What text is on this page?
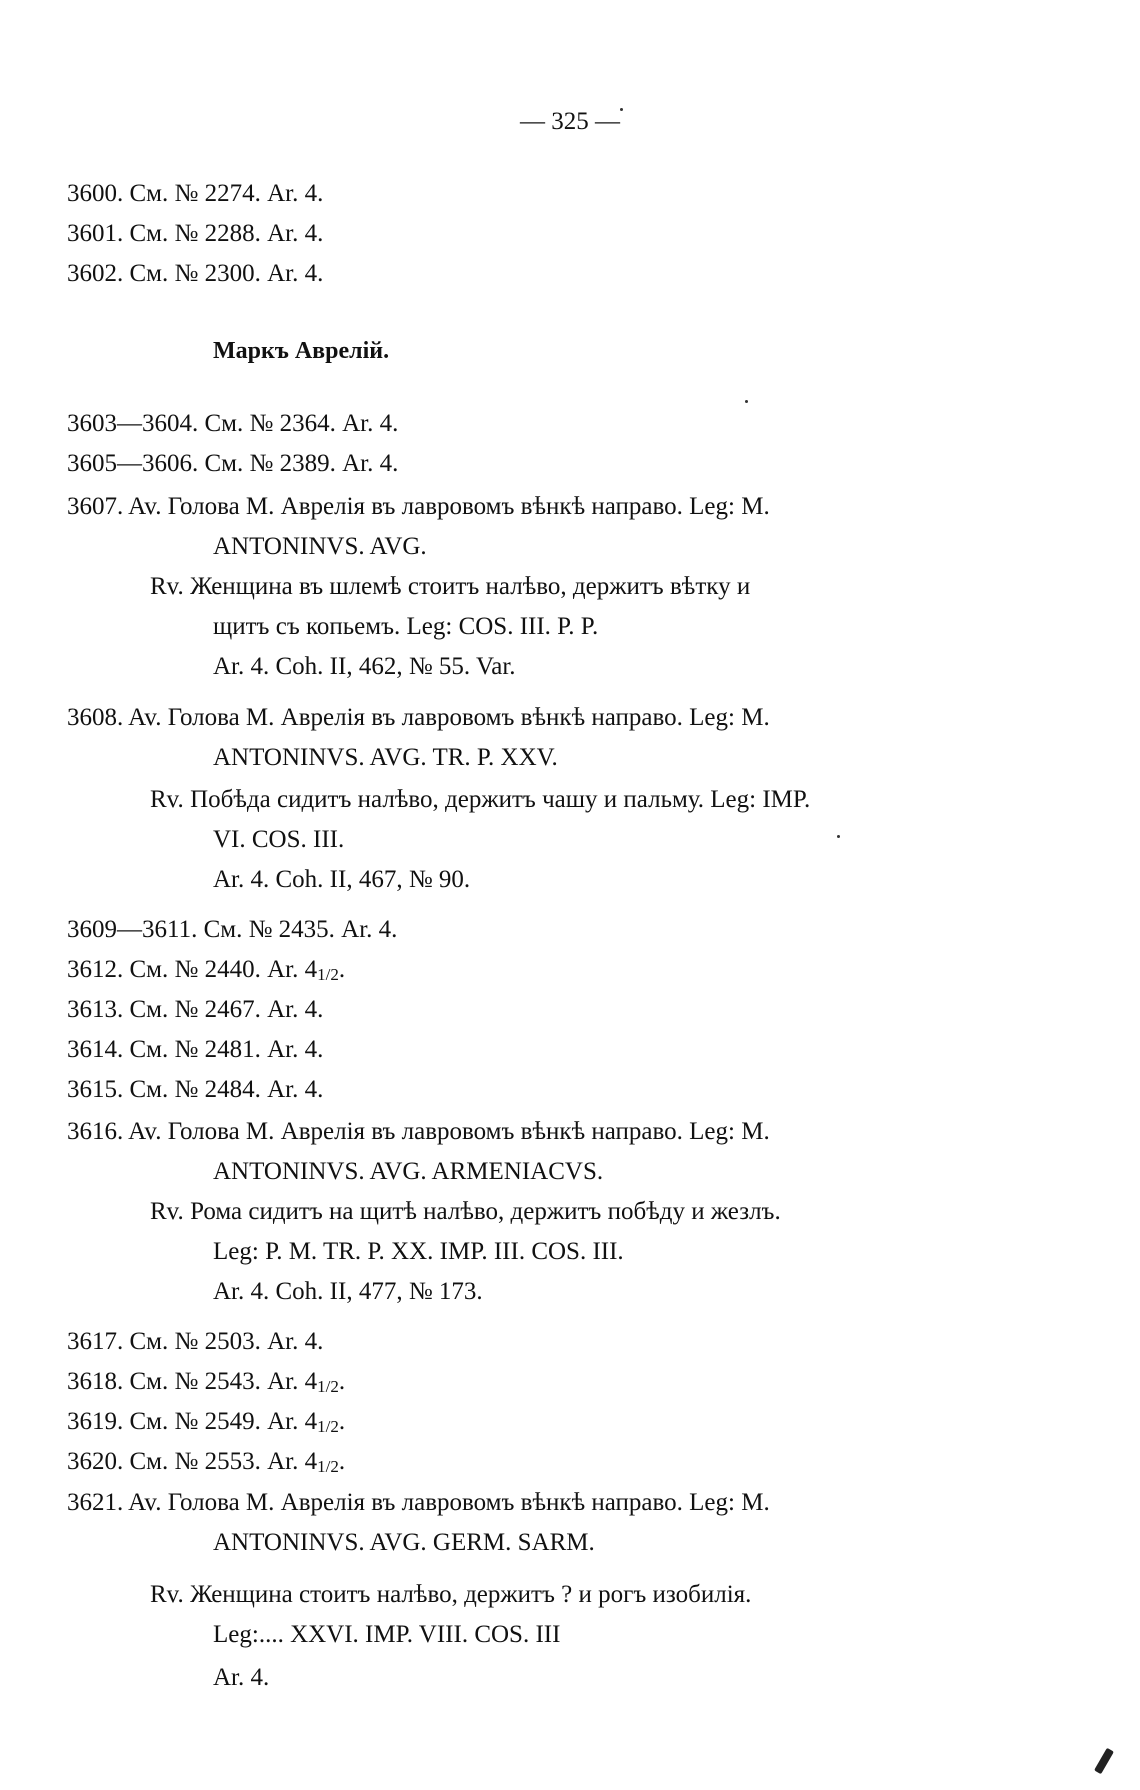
— 325 —
3600. См. № 2274. Ar. 4.
3601. См. № 2288. Ar. 4.
3602. См. № 2300. Ar. 4.
Маркъ Аврелій.
3603—3604. См. № 2364. Ar. 4.
3605—3606. См. № 2389. Ar. 4.
3607. Av. Голова М. Аврелія въ лавровомъ вѣнкѣ направо. Leg: М.
ANTONINVS. AVG.
Rv. Женщина въ шлемѣ стоитъ налѣво, держитъ вѣтку и
щитъ съ копьемъ. Leg: COS. III. P. P.
Ar. 4. Coh. II, 462, № 55. Var.
3608. Av. Голова М. Аврелія въ лавровомъ вѣнкѣ направо. Leg: М.
ANTONINVS. AVG. TR. P. XXV.
Rv. Побѣда сидитъ налѣво, держитъ чашу и пальму. Leg: IMP.
VI. COS. III.
Ar. 4. Coh. II, 467, № 90.
3609—3611. См. № 2435. Ar. 4.
3612. См. № 2440. Ar. 41/2.
3613. См. № 2467. Ar. 4.
3614. См. № 2481. Ar. 4.
3615. См. № 2484. Ar. 4.
3616. Av. Голова М. Аврелія въ лавровомъ вѣнкѣ направо. Leg: М.
ANTONINVS. AVG. ARMENIACVS.
Rv. Рома сидитъ на щитѣ налѣво, держитъ побѣду и жезлъ.
Leg: P. M. TR. P. XX. IMP. III. COS. III.
Ar. 4. Coh. II, 477, № 173.
3617. См. № 2503. Ar. 4.
3618. См. № 2543. Ar. 41/2.
3619. См. № 2549. Ar. 41/2.
3620. См. № 2553. Ar. 41/2.
3621. Av. Голова М. Аврелія въ лавровомъ вѣнкѣ направо. Leg: М.
ANTONINVS. AVG. GERM. SARM.
Rv. Женщина стоитъ налѣво, держитъ ? и рогъ изобилія.
Leg:.... XXVI. IMP. VIII. COS. III
Ar. 4.
